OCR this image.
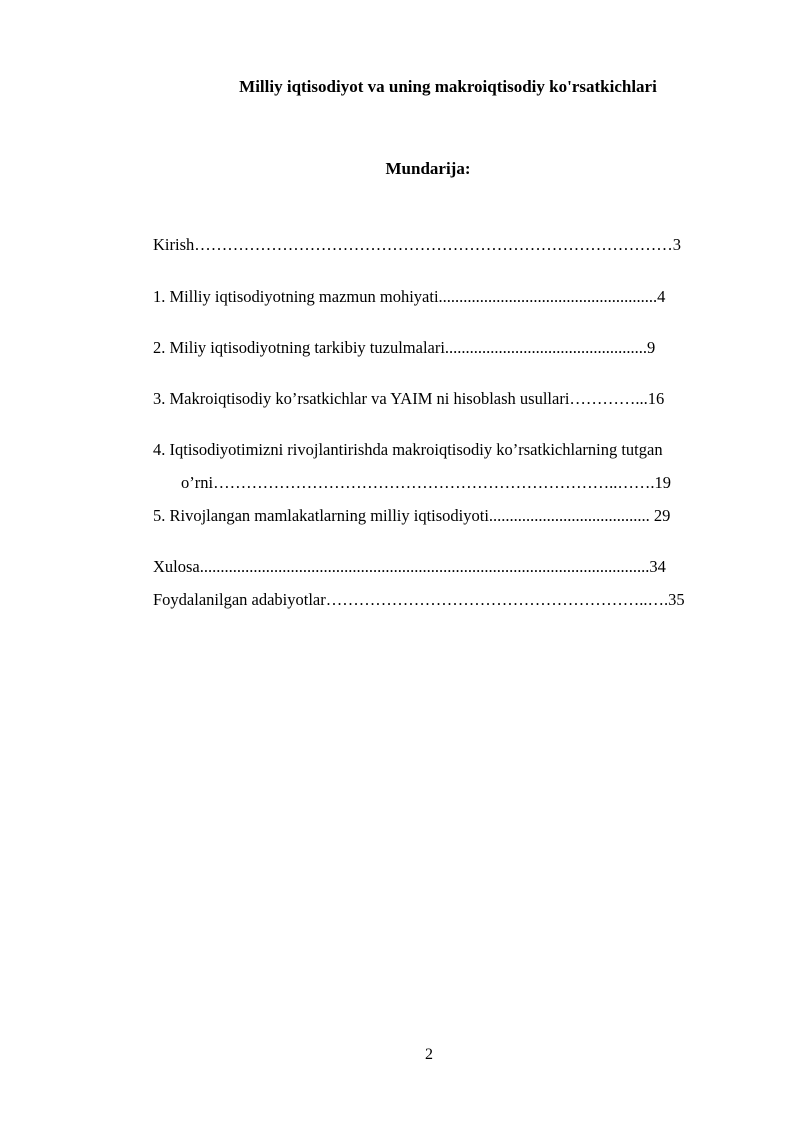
Milliy iqtisodiyot va uning makroiqtisodiy ko'rsatkichlari
Mundarija:
Kirish……………………………………………………………………………3
1. Milliy iqtisodiyotning mazmun mohiyati.....................................................4
2. Miliy iqtisodiyotning tarkibiy tuzulmalari.................................................9
3. Makroiqtisodiy ko’rsatkichlar va YAIM ni hisoblash usullari…………...16
4. Iqtisodiyotimizni rivojlantirishda makroiqtisodiy ko’rsatkichlarning tutgan
o’rni………………………………………………………………..…….19
5. Rivojlangan mamlakatlarning milliy iqtisodiyoti....................................... 29
Xulosa.............................................................................................................34
Foydalanilgan adabiyotlar…………………………………………………..….35
2
